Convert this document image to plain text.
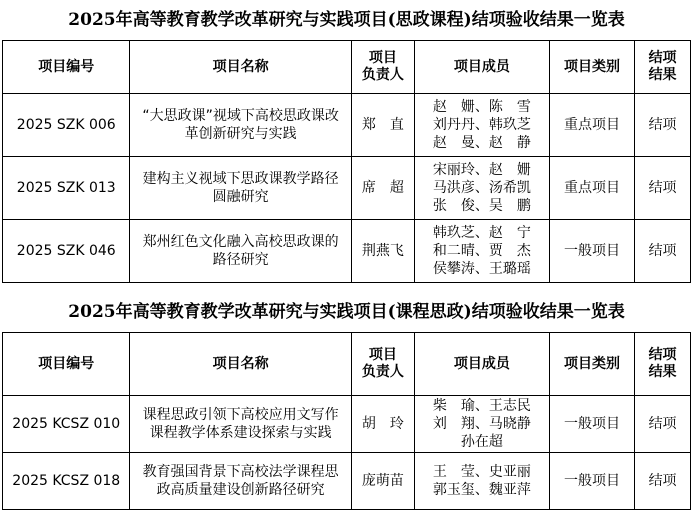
2025年高等教育教学改革研究与实践项目(思政课程)结项验收结果一览表
项目编号	项目名称	项目
负责人	项目成员	项目类别	结项
结果

2025 SZK 006	“大思政课”视域下高校思政课改革创新研究与实践	郑　直	赵　姗、陈　雪
刘丹丹、韩玖芝
赵　曼、赵　静	重点项目	结项
2025 SZK 013	建构主义视域下思政课教学路径圆融研究	席　超	宋丽玲、赵　姗
马洪彦、汤希凯
张　俊、吴　鹏	重点项目	结项
2025 SZK 046	郑州红色文化融入高校思政课的路径研究	荆燕飞	韩玖芝、赵　宁
和二晴、贾　杰
侯攀涛、王璐瑶	一般项目	结项
2025年高等教育教学改革研究与实践项目(课程思政)结项验收结果一览表
项目编号	项目名称	项目
负责人	项目成员	项目类别	结项
结果

2025 KCSZ 010	课程思政引领下高校应用文写作课程教学体系建设探索与实践	胡　玲	柴　瑜、王志民
刘　翔、马晓静
孙在超	一般项目	结项
2025 KCSZ 018	教育强国背景下高校法学课程思政高质量建设创新路径研究	庞萌苗	王　莹、史亚丽
郭玉玺、魏亚萍	一般项目	结项
